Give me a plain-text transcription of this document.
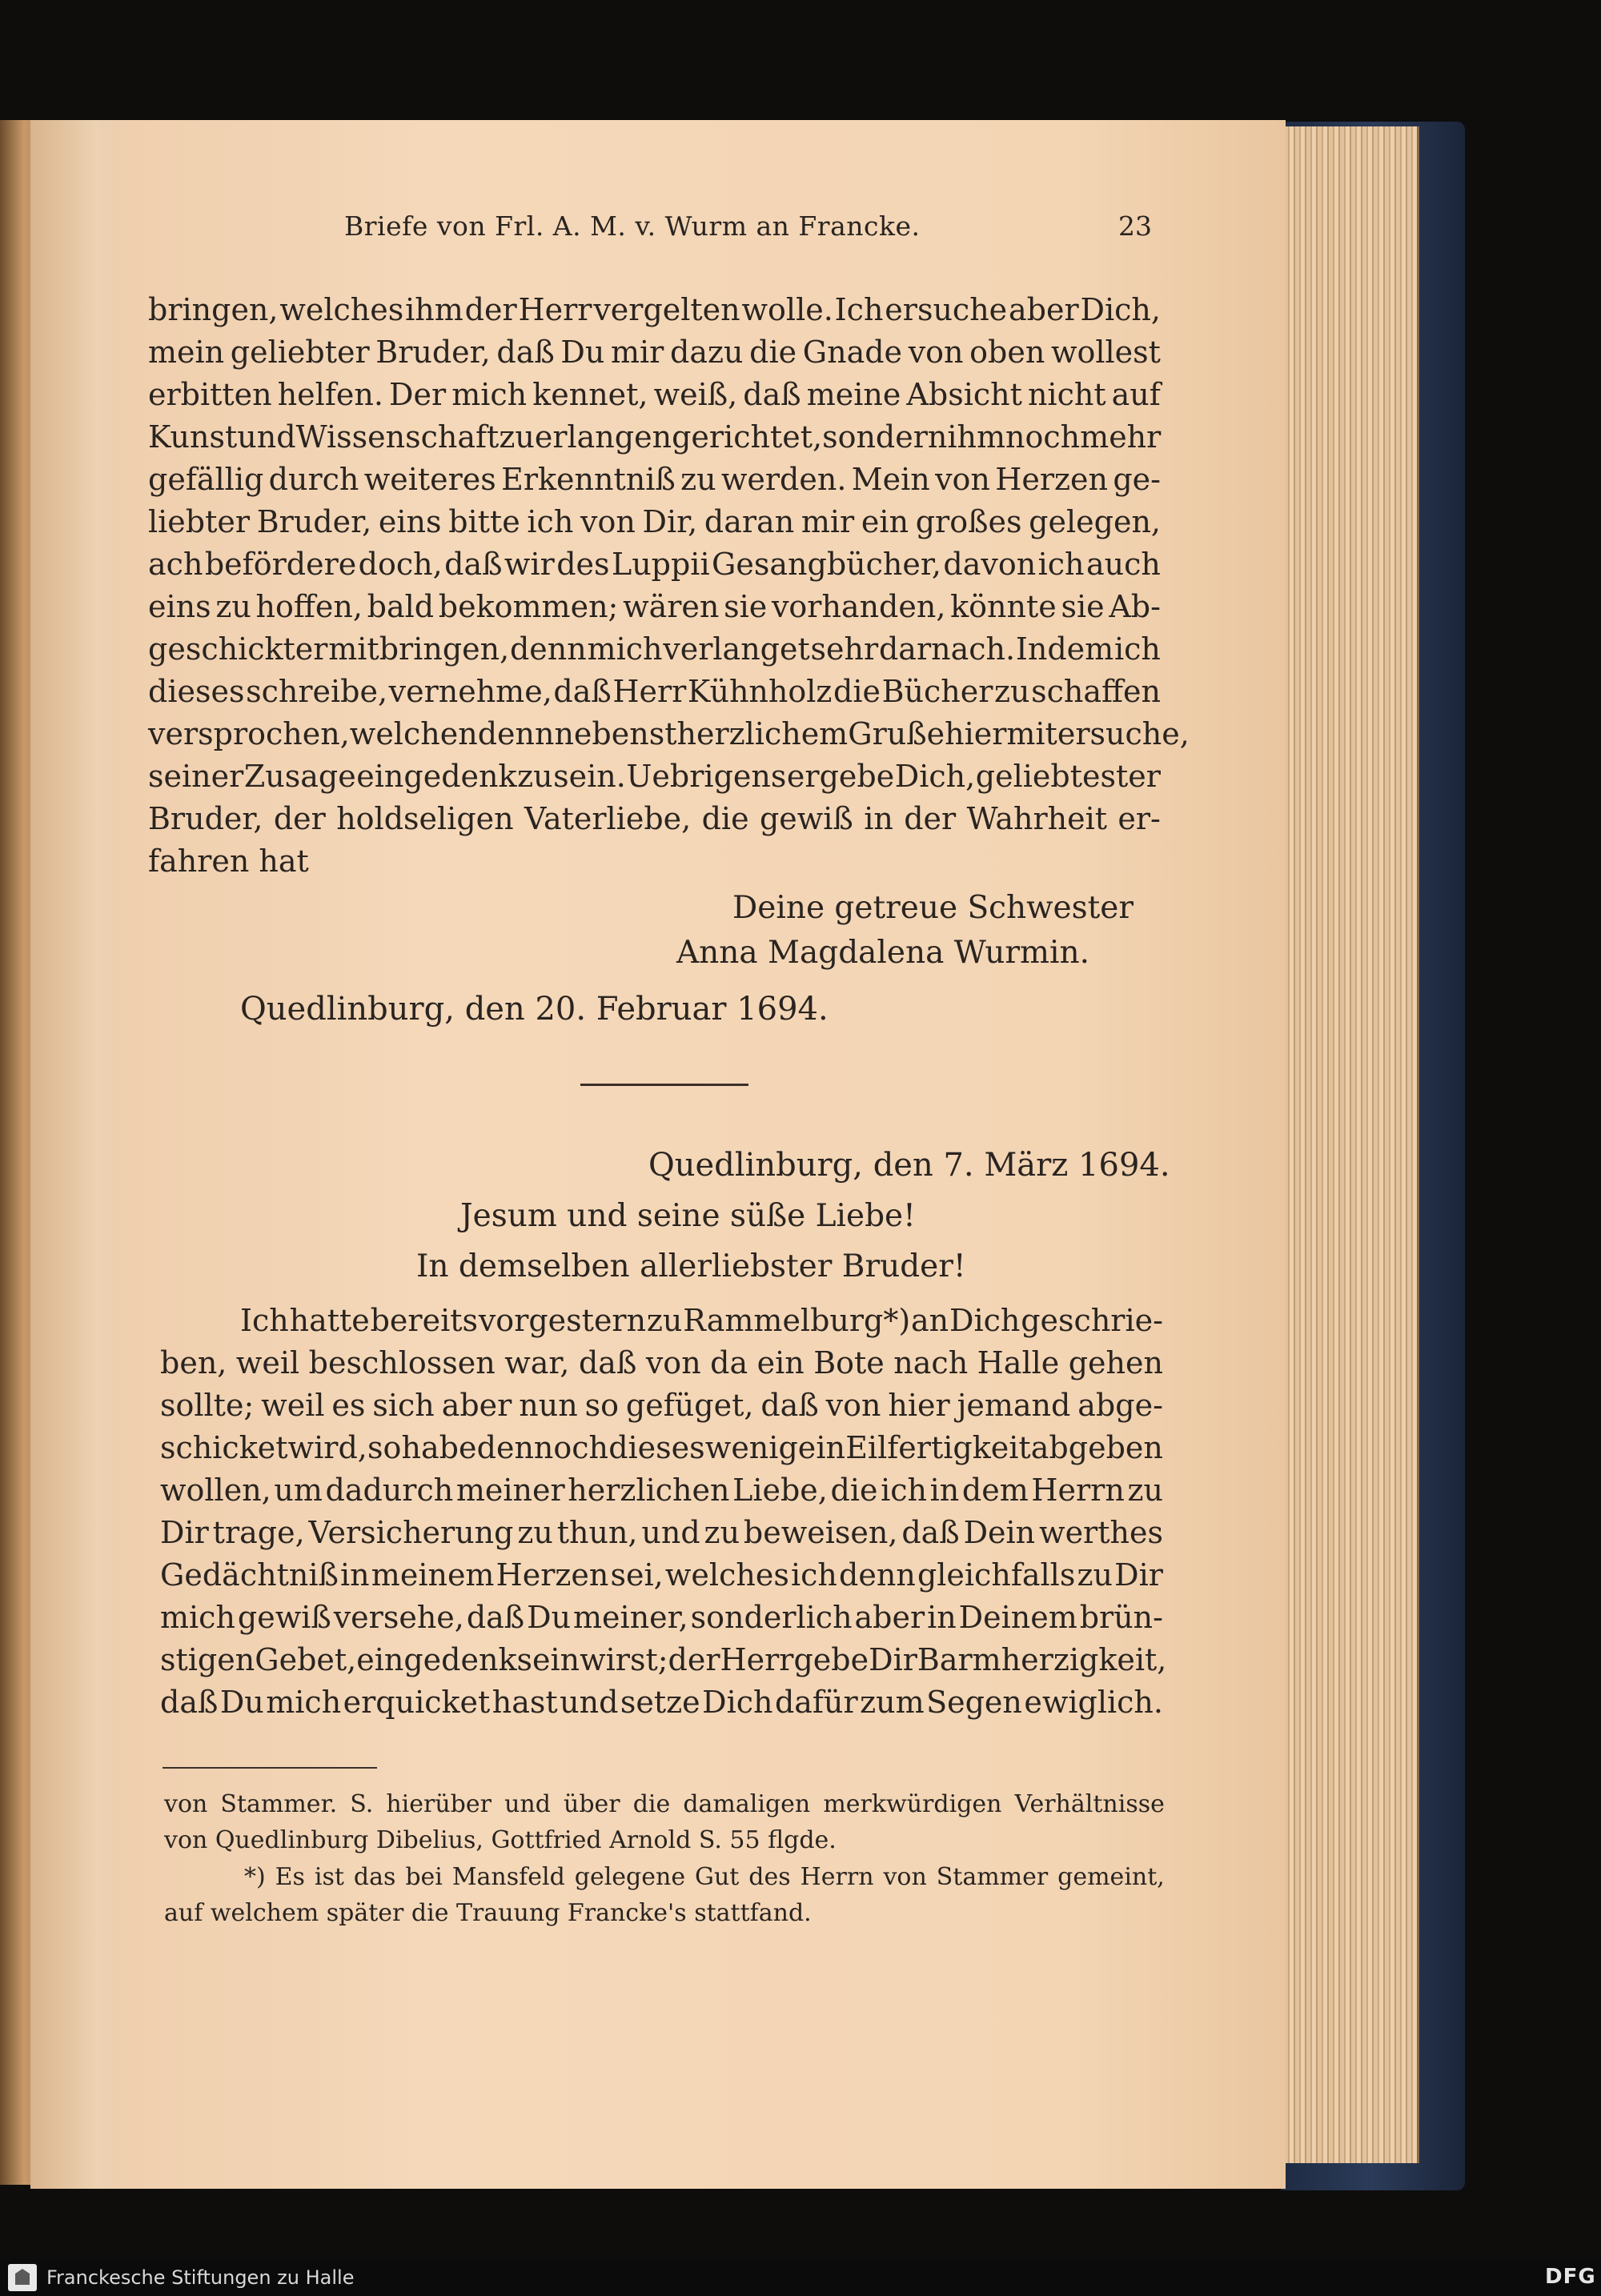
Briefe von Frl. A. M. v. Wurm an Francke.	23
bringen, welches ihm der Herr vergelten wolle. Ich ersuche aber Dich,
mein geliebter Bruder, daß Du mir dazu die Gnade von oben wollest
erbitten helfen. Der mich kennet, weiß, daß meine Absicht nicht auf
Kunst und Wissenschaft zu erlangen gerichtet, sondern ihm noch mehr
gefällig durch weiteres Erkenntniß zu werden. Mein von Herzen ge-
liebter Bruder, eins bitte ich von Dir, daran mir ein großes gelegen,
ach befördere doch, daß wir des Luppii Gesangbücher, davon ich auch
eins zu hoffen, bald bekommen; wären sie vorhanden, könnte sie Ab-
geschickter mitbringen, denn mich verlanget sehr darnach. Indem ich
dieses schreibe, vernehme, daß Herr Kühnholz die Bücher zu schaffen
versprochen, welchen denn nebenst herzlichem Gruße hiermit ersuche,
seiner Zusage eingedenk zu sein. Uebrigens ergebe Dich, geliebtester
Bruder, der holdseligen Vaterliebe, die gewiß in der Wahrheit er-
fahren hat
Deine getreue Schwester
Anna Magdalena Wurmin.
Quedlinburg, den 20. Februar 1694.
Quedlinburg, den 7. März 1694.
Jesum und seine süße Liebe!
In demselben allerliebster Bruder!
Ich hatte bereits vorgestern zu Rammelburg*) an Dich geschrie-
ben, weil beschlossen war, daß von da ein Bote nach Halle gehen
sollte; weil es sich aber nun so gefüget, daß von hier jemand abge-
schicket wird, so habe dennoch dieses wenige in Eilfertigkeit abgeben
wollen, um dadurch meiner herzlichen Liebe, die ich in dem Herrn zu
Dir trage, Versicherung zu thun, und zu beweisen, daß Dein werthes
Gedächtniß in meinem Herzen sei, welches ich denn gleichfalls zu Dir
mich gewiß versehe, daß Du meiner, sonderlich aber in Deinem brün-
stigen Gebet, eingedenk sein wirst; der Herr gebe Dir Barmherzigkeit,
daß Du mich erquicket hast und setze Dich dafür zum Segen ewiglich.
von Stammer. S. hierüber und über die damaligen merkwürdigen Verhältnisse
von Quedlinburg Dibelius, Gottfried Arnold S. 55 flgde.
*) Es ist das bei Mansfeld gelegene Gut des Herrn von Stammer gemeint,
auf welchem später die Trauung Francke's stattfand.
Franckesche Stiftungen zu Halle	DFG
